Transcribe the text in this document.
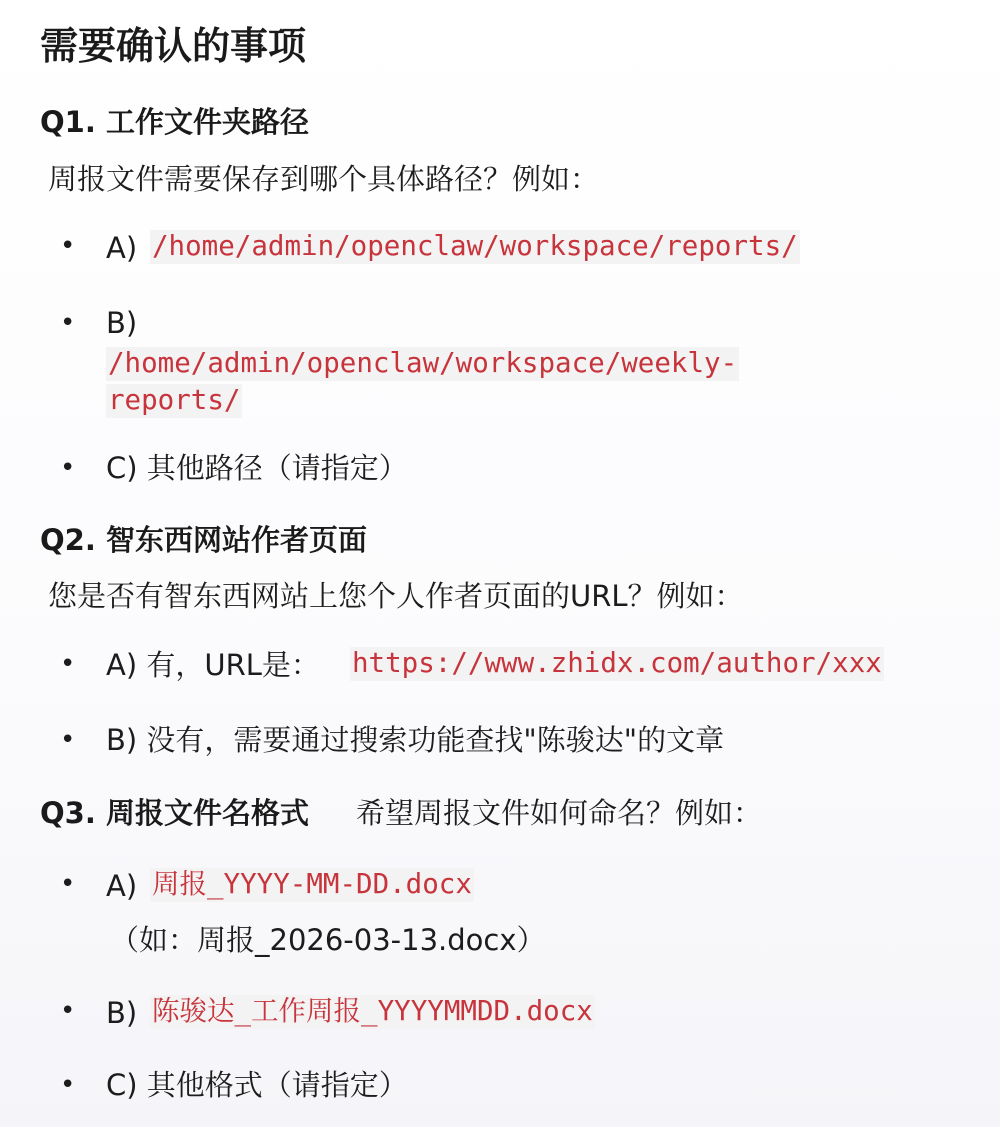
需要确认的事项
Q1. 工作文件夹路径
周报文件需要保存到哪个具体路径？例如：
• A) /home/admin/openclaw/workspace/reports/
• B)
/home/admin/openclaw/workspace/weekly-
reports/
• C) 其他路径（请指定）
Q2. 智东西网站作者页面
您是否有智东西网站上您个人作者页面的URL？例如：
• A) 有，URL是： https://www.zhidx.com/author/xxx
• B) 没有，需要通过搜索功能查找"陈骏达"的文章
Q3. 周报文件名格式 希望周报文件如何命名？例如：
• A) 周报_YYYY-MM-DD.docx
（如：周报_2026-03-13.docx）
• B) 陈骏达_工作周报_YYYYMMDD.docx
• C) 其他格式（请指定）
